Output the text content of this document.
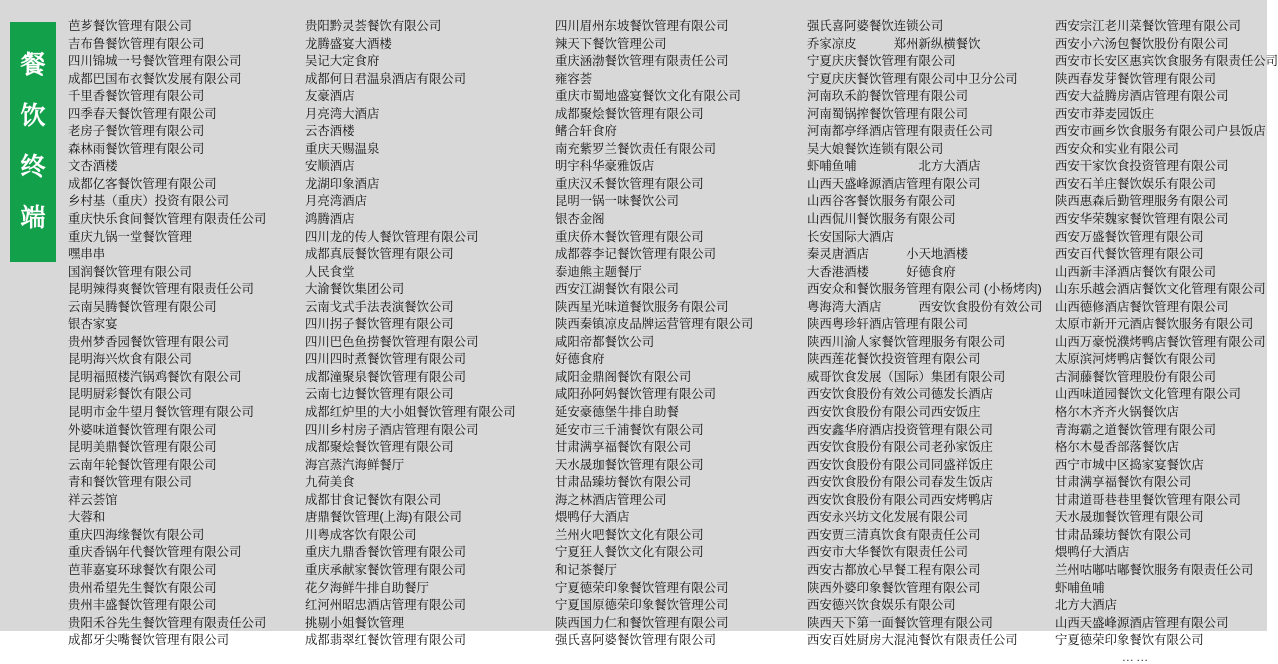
餐
饮
终
端
芭芗餐饮管理有限公司
吉布鲁餐饮管理有限公司
四川锦城一号餐饮管理有限公司
成都巴国布衣餐饮发展有限公司
千里香餐饮管理有限公司
四季春天餐饮管理有限公司
老房子餐饮管理有限公司
森林雨餐饮管理有限公司
文杏酒楼
成都亿客餐饮管理有限公司
乡村基（重庆）投资有限公司
重庆快乐食间餐饮管理有限责任公司
重庆九锅一堂餐饮管理
嘿串串
国润餐饮管理有限公司
昆明辣得爽餐饮管理有限责任公司
云南吴腾餐饮管理有限公司
银杏家宴
贵州梦香园餐饮管理有限公司
昆明海兴炊食有限公司
昆明福照楼汽锅鸡餐饮有限公司
昆明厨彩餐饮有限公司
昆明市金牛望月餐饮管理有限公司
外婆味道餐饮管理有限公司
昆明美鼎餐饮管理有限公司
云南年轮餐饮管理有限公司
青和餐饮管理有限公司
祥云荟馆
大蓉和
重庆四海缘餐饮有限公司
重庆香锅年代餐饮管理有限公司
芭菲嘉宴环球餐饮有限公司
贵州希望先生餐饮有限公司
贵州丰盛餐饮管理有限公司
贵阳禾谷先生餐饮管理有限责任公司
成都牙尖嘴餐饮管理有限公司
贵阳黔灵荟餐饮有限公司
龙腾盛宴大酒楼
吴记大定食府
成都何日君温泉酒店有限公司
友豪酒店
月亮湾大酒店
云杏酒楼
重庆天赐温泉
安顺酒店
龙湖印象酒店
月亮湾酒店
鸿腾酒店
四川龙的传人餐饮管理有限公司
成都真辰餐饮管理有限公司
人民食堂
大渝餐饮集团公司
云南戈式手法表演餐饮公司
四川拐子餐饮管理有限公司
四川巴色鱼捞餐饮管理有限公司
四川四时煮餐饮管理有限公司
成都潼聚泉餐饮管理有限公司
云南七边餐饮管理有限公司
成都红炉里的大小姐餐饮管理有限公司
四川乡村房子酒店管理有限公司
成都聚烩餐饮管理有限公司
海宫蒸汽海鲜餐厅
九荷美食
成都甘食记餐饮有限公司
唐鼎餐饮管理(上海)有限公司
川粤成客饮有限公司
重庆九鼎香餐饮管理有限公司
重庆承献家餐饮管理有限公司
花夕海鲜牛排自助餐厅
红河州昭忠酒店管理有限公司
挑剔小姐餐饮管理
成都翡翠红餐饮管理有限公司
四川眉州东坡餐饮管理有限公司
辣天下餐饮管理公司
重庆涵渤餐饮管理有限责任公司
雍容荟
重庆市蜀地盛宴餐饮文化有限公司
成都聚烩餐饮管理有限公司
鳍合轩食府
南充紫罗兰餐饮责任有限公司
明宇科华豪雅饭店
重庆汉禾餐饮管理有限公司
昆明一锅一味餐饮公司
银杏金阁
重庆侨木餐饮管理有限公司
成都蓉李记餐饮管理有限公司
泰迪熊主题餐厅
西安江湖餐饮有限公司
陕西星光味道餐饮服务有限公司
陕西秦镇凉皮品牌运营管理有限公司
咸阳帝都餐饮公司
好德食府
咸阳金鼎阁餐饮有限公司
咸阳孙阿妈餐饮管理有限公司
延安豪德堡牛排自助餐
延安市三千浦餐饮有限公司
甘肃满享福餐饮有限公司
天水晟珈餐饮管理有限公司
甘肃品臻坊餐饮有限公司
海之林酒店管理公司
煨鸭仔大酒店
兰州火吧餐饮文化有限公司
宁夏狂人餐饮文化有限公司
和记茶餐厅
宁夏德荣印象餐饮管理有限公司
宁夏国原德荣印象餐饮管理公司
陕西国力仁和餐饮管理有限公司
强氏喜阿婆餐饮管理有限公司
强氏喜阿婆餐饮连锁公司
乔家凉皮　　　郑州新纵横餐饮
宁夏庆庆餐饮管理有限公司
宁夏庆庆餐饮管理有限公司中卫分公司
河南玖禾韵餐饮管理有限公司
河南蜀锅搾餐饮管理有限公司
河南都亭绎酒店管理有限责任公司
吴大娘餐饮连锁有限公司
虾哺鱼哺　　　　　北方大酒店
山西天盛峰源酒店管理有限公司
山西谷客餐饮服务有限公司
山西侃川餐饮服务有限公司
长安国际大酒店
秦灵唐酒店　　　小天地酒楼
大香港酒楼　　　好德食府
西安众和餐饮服务管理有限公司 (小杨烤肉)
粤海湾大酒店　　　西安饮食股份有效公司
陕西粤珍轩酒店管理有限公司
陕西川渝人家餐饮管理服务有限公司
陕西莲花餐饮投资管理有限公司
威哥饮食发展（国际）集团有限公司
西安饮食股份有效公司德发长酒店
西安饮食股份有限公司西安饭庄
西安鑫华府酒店投资管理有限公司
西安饮食股份有限公司老孙家饭庄
西安饮食股份有限公司同盛祥饭庄
西安饮食股份有限公司春发生饭店
西安饮食股份有限公司西安烤鸭店
西安永兴坊文化发展有限公司
西安贾三清真饮食有限责任公司
西安市大华餐饮有限责任公司
西安古都放心早餐工程有限公司
陕西外婆印象餐饮管理有限公司
西安德兴饮食娱乐有限公司
陕西天下第一面餐饮管理有限公司
西安百姓厨房大混沌餐饮有限责任公司
西安宗江老川菜餐饮管理有限公司
西安小六汤包餐饮股份有限公司
西安市长安区惠宾饮食服务有限责任公司
陕西春发芽餐饮管理有限公司
西安大益腾房酒店管理有限公司
西安市莽麦园饭庄
西安市画乡饮食服务有限公司户县饭店
西安众和实业有限公司
西安干家饮食投资管理有限公司
西安石羊庄餐饮娱乐有限公司
陕西惠森后勤管理服务有限公司
西安华荣魏家餐饮管理有限公司
西安万盛餐饮管理有限公司
西安百代餐饮管理有限公司
山西新丰泽酒店餐饮有限公司
山东乐越会酒店餐饮文化管理有限公司
山西德修酒店餐饮管理有限公司
太原市新开元酒店餐饮服务有限公司
山西万豪悦濮烤鸭店餐饮管理有限公司
太原滨河烤鸭店餐饮有限公司
古洞藤餐饮管理股份有限公司
山西味道园餐饮文化管理有限公司
格尔木齐齐火锅餐饮店
青海霸之道餐饮管理有限公司
格尔木曼香部落餐饮店
西宁市城中区捣家宴餐饮店
甘肃满享福餐饮有限公司
甘肃道哥巷巷里餐饮管理有限公司
天水晟珈餐饮管理有限公司
甘肃品臻坊餐饮有限公司
煨鸭仔大酒店
兰州咕嘟咕嘟餐饮服务有限责任公司
虾哺鱼哺
北方大酒店
山西天盛峰源酒店管理有限公司
宁夏德荣印象餐饮有限公司
……
